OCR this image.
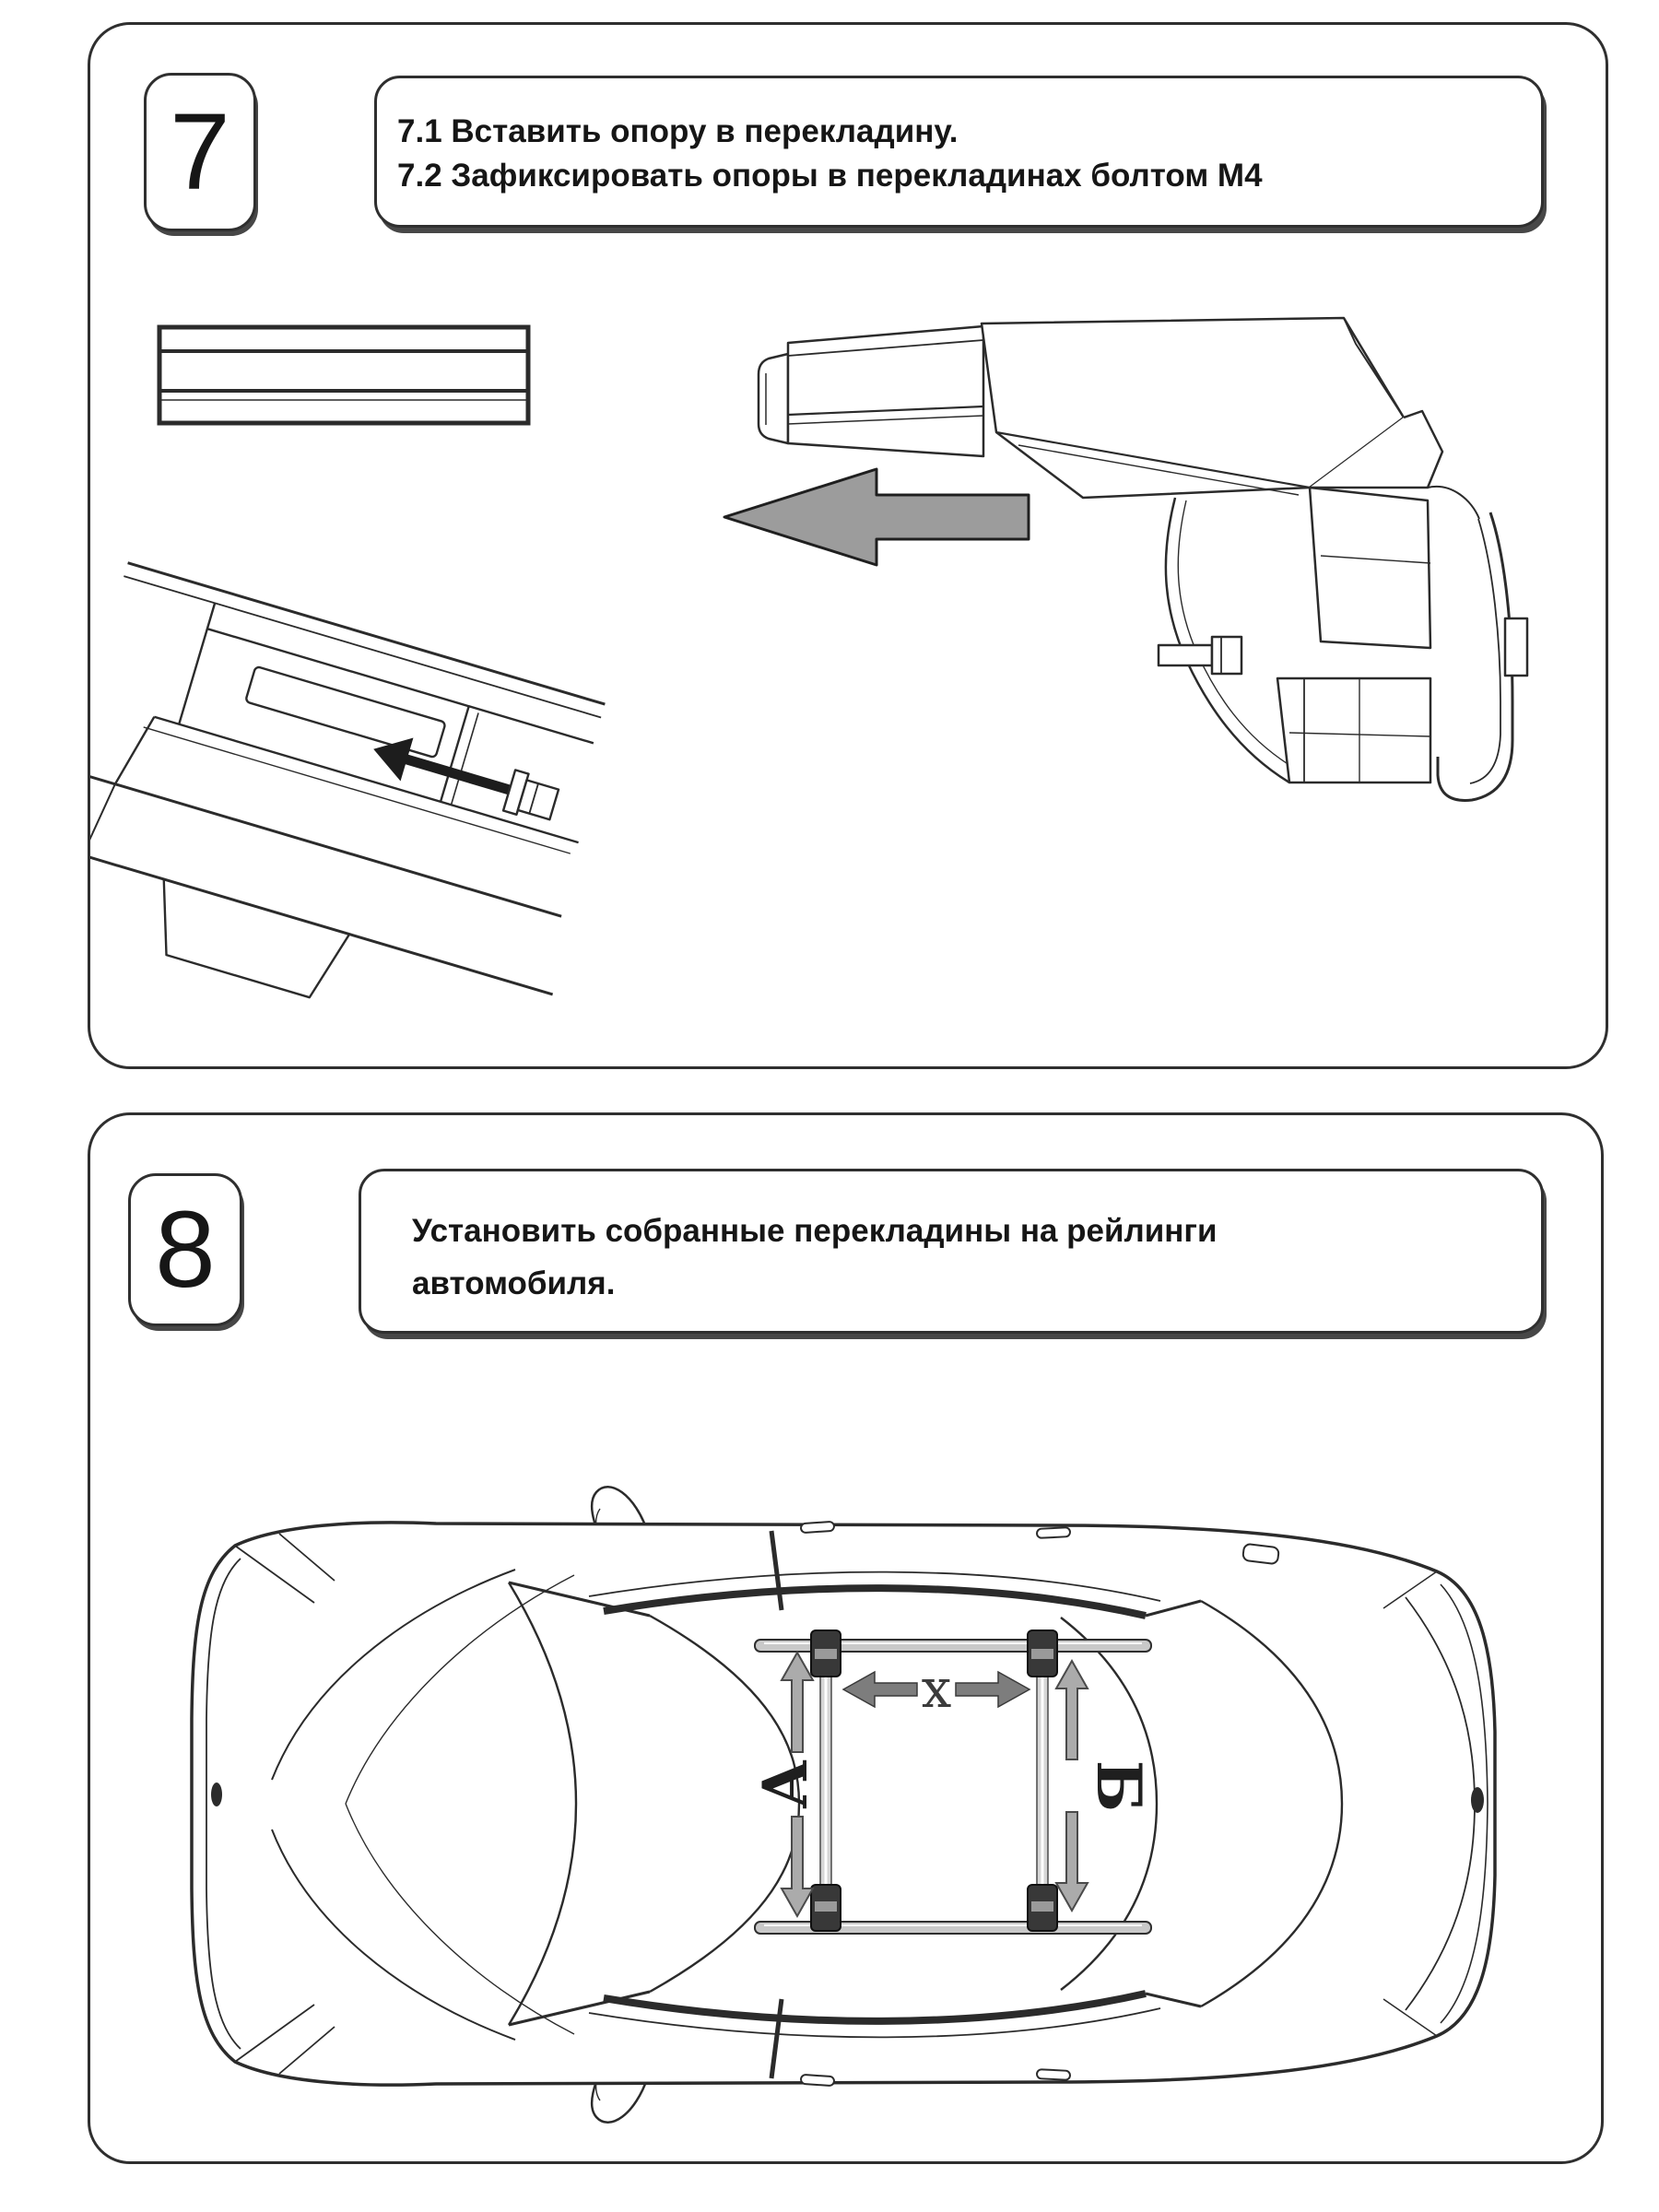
7	7.1 Вставить опору в перекладину.
7.2 Зафиксировать опоры в перекладинах болтом М4
8	Установить собранные перекладины на рейлинги
автомобиля.
А	Б
х
